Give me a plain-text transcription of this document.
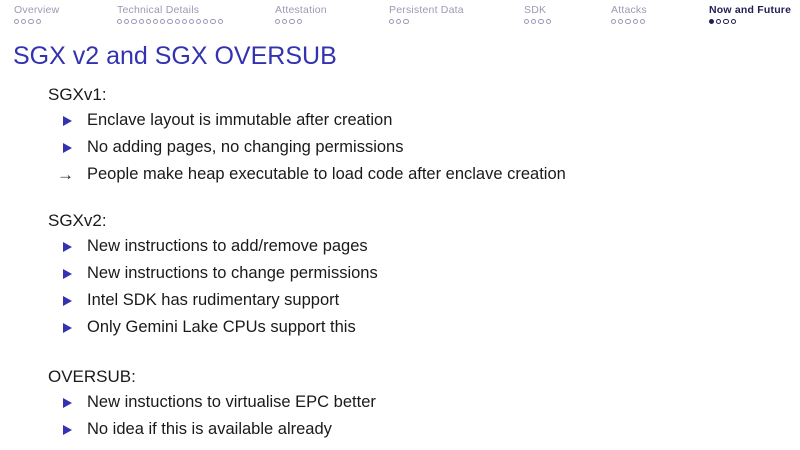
Overview	Technical Details	Attestation	Persistent Data	SDK	Attacks	Now and Future
SGX v2 and SGX OVERSUB
SGXv1:
Enclave layout is immutable after creation
No adding pages, no changing permissions
→ People make heap executable to load code after enclave creation
SGXv2:
New instructions to add/remove pages
New instructions to change permissions
Intel SDK has rudimentary support
Only Gemini Lake CPUs support this
OVERSUB:
New instuctions to virtualise EPC better
No idea if this is available already
